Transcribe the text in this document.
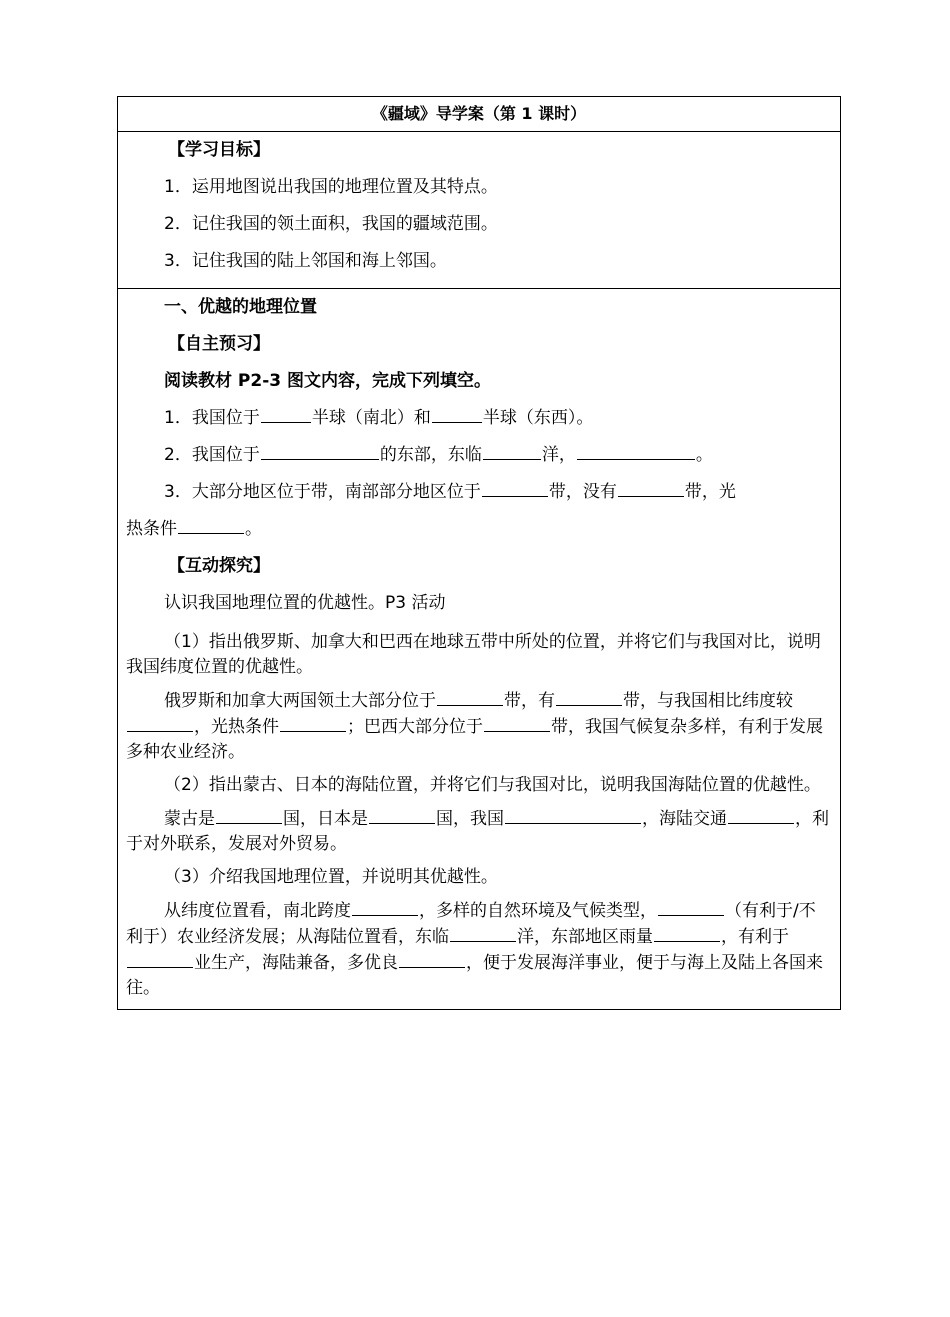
《疆域》导学案（第 1 课时）
【学习目标】
1．运用地图说出我国的地理位置及其特点。
2．记住我国的领土面积，我国的疆域范围。
3．记住我国的陆上邻国和海上邻国。
一、优越的地理位置
【自主预习】
阅读教材 P2-3 图文内容，完成下列填空。
1．我国位于	半球（南北）和	半球（东西）。
2．我国位于	的东部，东临	洋，	。
3．大部分地区位于带，南部部分地区位于	带，没有	带，光
热条件	。
【互动探究】
认识我国地理位置的优越性。P3 活动
（1）指出俄罗斯、加拿大和巴西在地球五带中所处的位置，并将它们与我国对比，说明我国纬度位置的优越性。
俄罗斯和加拿大两国领土大部分位于	带，有	带，与我国相比纬度较，光热条件	；巴西大部分位于	带，我国气候复杂多样，有利于发展多种农业经济。
（2）指出蒙古、日本的海陆位置，并将它们与我国对比，说明我国海陆位置的优越性。
蒙古是	国，日本是	国，我国	，海陆交通	，利于对外联系，发展对外贸易。
（3）介绍我国地理位置，并说明其优越性。
从纬度位置看，南北跨度	，多样的自然环境及气候类型，	（有利于/不利于）农业经济发展；从海陆位置看，东临	洋，东部地区雨量	，有利于业生产，海陆兼备，多优良	，便于发展海洋事业，便于与海上及陆上各国来往。
